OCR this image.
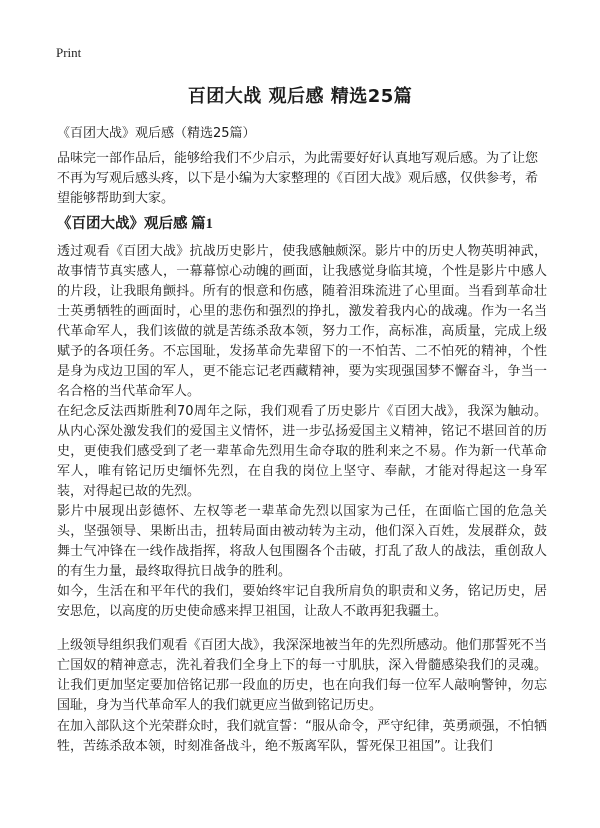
Print
百团大战 观后感 精选25篇

《百团大战》观后感（精选25篇）

品味完一部作品后，能够给我们不少启示，为此需要好好认真地写观后感。为了让您不再为写观后感头疼，以下是小编为大家整理的《百团大战》观后感，仅供参考，希望能够帮助到大家。

《百团大战》观后感 篇1

透过观看《百团大战》抗战历史影片，使我感触颇深。影片中的历史人物英明神武，故事情节真实感人，一幕幕惊心动魄的画面，让我感觉身临其境，个性是影片中感人的片段，让我眼角颤抖。所有的恨意和伤感，随着泪珠流进了心里面。当看到革命壮士英勇牺牲的画面时，心里的悲伤和强烈的挣扎，激发着我内心的战魂。作为一名当代革命军人，我们该做的就是苦练杀敌本领，努力工作，高标准，高质量，完成上级赋予的各项任务。不忘国耻，发扬革命先辈留下的一不怕苦、二不怕死的精神，个性是身为戍边卫国的军人，更不能忘记老西藏精神，要为实现强国梦不懈奋斗，争当一名合格的当代革命军人。

在纪念反法西斯胜利70周年之际，我们观看了历史影片《百团大战》，我深为触动。从内心深处激发我们的爱国主义情怀，进一步弘扬爱国主义精神，铭记不堪回首的历史，更使我们感受到了老一辈革命先烈用生命夺取的胜利来之不易。作为新一代革命军人，唯有铭记历史缅怀先烈，在自我的岗位上坚守、奉献，才能对得起这一身军装，对得起已故的先烈。

影片中展现出彭德怀、左权等老一辈革命先烈以国家为己任，在面临亡国的危急关头，坚强领导、果断出击，扭转局面由被动转为主动，他们深入百姓，发展群众，鼓舞士气冲锋在一线作战指挥，将敌人包围圈各个击破，打乱了敌人的战法，重创敌人的有生力量，最终取得抗日战争的胜利。

如今，生活在和平年代的我们，要始终牢记自我所肩负的职责和义务，铭记历史，居安思危，以高度的历史使命感来捍卫祖国，让敌人不敢再犯我疆土。

上级领导组织我们观看《百团大战》，我深深地被当年的先烈所感动。他们那誓死不当亡国奴的精神意志，洗礼着我们全身上下的每一寸肌肤，深入骨髓感染我们的灵魂。让我们更加坚定要加倍铭记那一段血的历史，也在向我们每一位军人敲响警钟，勿忘国耻，身为当代革命军人的我们就更应当做到铭记历史。

在加入部队这个光荣群众时，我们就宣誓：“服从命令，严守纪律，英勇顽强，不怕牺牲，苦练杀敌本领，时刻准备战斗，绝不叛离军队，誓死保卫祖国”。让我们
